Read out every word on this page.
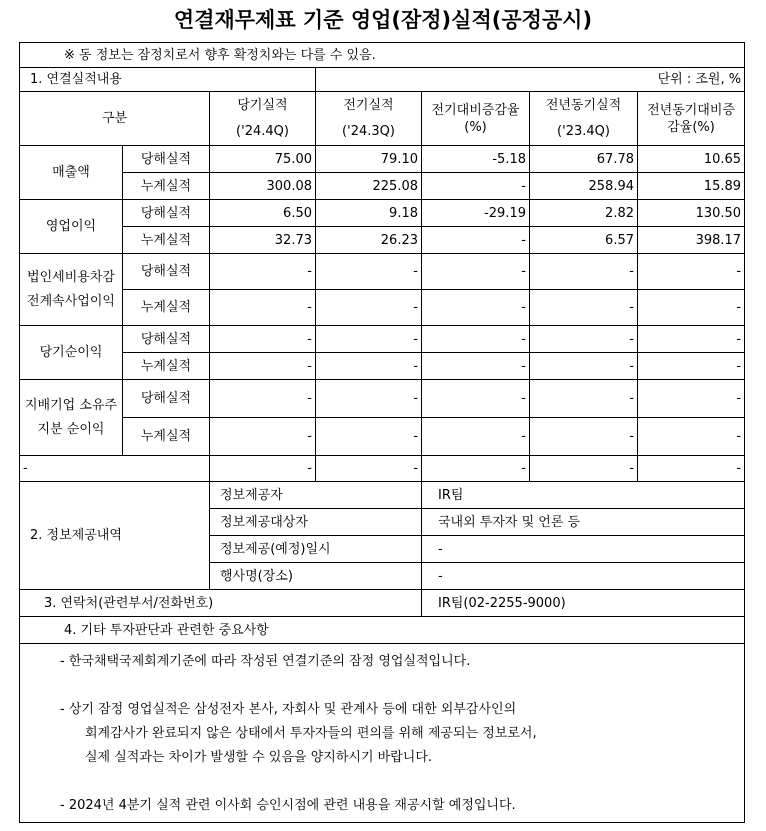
연결재무제표 기준 영업(잠정)실적(공정공시)
※ 동 정보는 잠정치로서 향후 확정치와는 다를 수 있음.						
1. 연결실적내용			단위 : 조원, %			
구분		당기실적	전기실적	전기대비증감율(%)	전년동기실적	전년동기대비증감율(%)
		('24.4Q)	('24.3Q)		('23.4Q)	
매출액	당해실적	75.00	79.10	-5.18	67.78	10.65
	누계실적	300.08	225.08	-	258.94	15.89
영업이익	당해실적	6.50	9.18	-29.19	2.82	130.50
	누계실적	32.73	26.23	-	6.57	398.17
법인세비용차감전계속사업이익	당해실적	-	-	-	-	-
	누계실적	-	-	-	-	-
당기순이익	당해실적	-	-	-	-	-
	누계실적	-	-	-	-	-
지배기업 소유주지분 순이익	당해실적	-	-	-	-	-
	누계실적	-	-	-	-	-
-		-	-	-	-	-
2. 정보제공내역		정보제공자		IR팀		
		정보제공대상자		국내외 투자자 및 언론 등		
		정보제공(예정)일시		-		
		행사명(장소)		-		
3. 연락처(관련부서/전화번호)				IR팀(02-2255-9000)		
4. 기타 투자판단과 관련한 중요사항						

- 한국채택국제회계기준에 따라 작성된 연결기준의 잠정 영업실적입니다.

- 상기 잠정 영업실적은 삼성전자 본사, 자회사 및 관계사 등에 대한 외부감사인의

회계감사가 완료되지 않은 상태에서 투자자들의 편의를 위해 제공되는 정보로서,

실제 실적과는 차이가 발생할 수 있음을 양지하시기 바랍니다.

- 2024년 4분기 실적 관련 이사회 승인시점에 관련 내용을 재공시할 예정입니다.						
